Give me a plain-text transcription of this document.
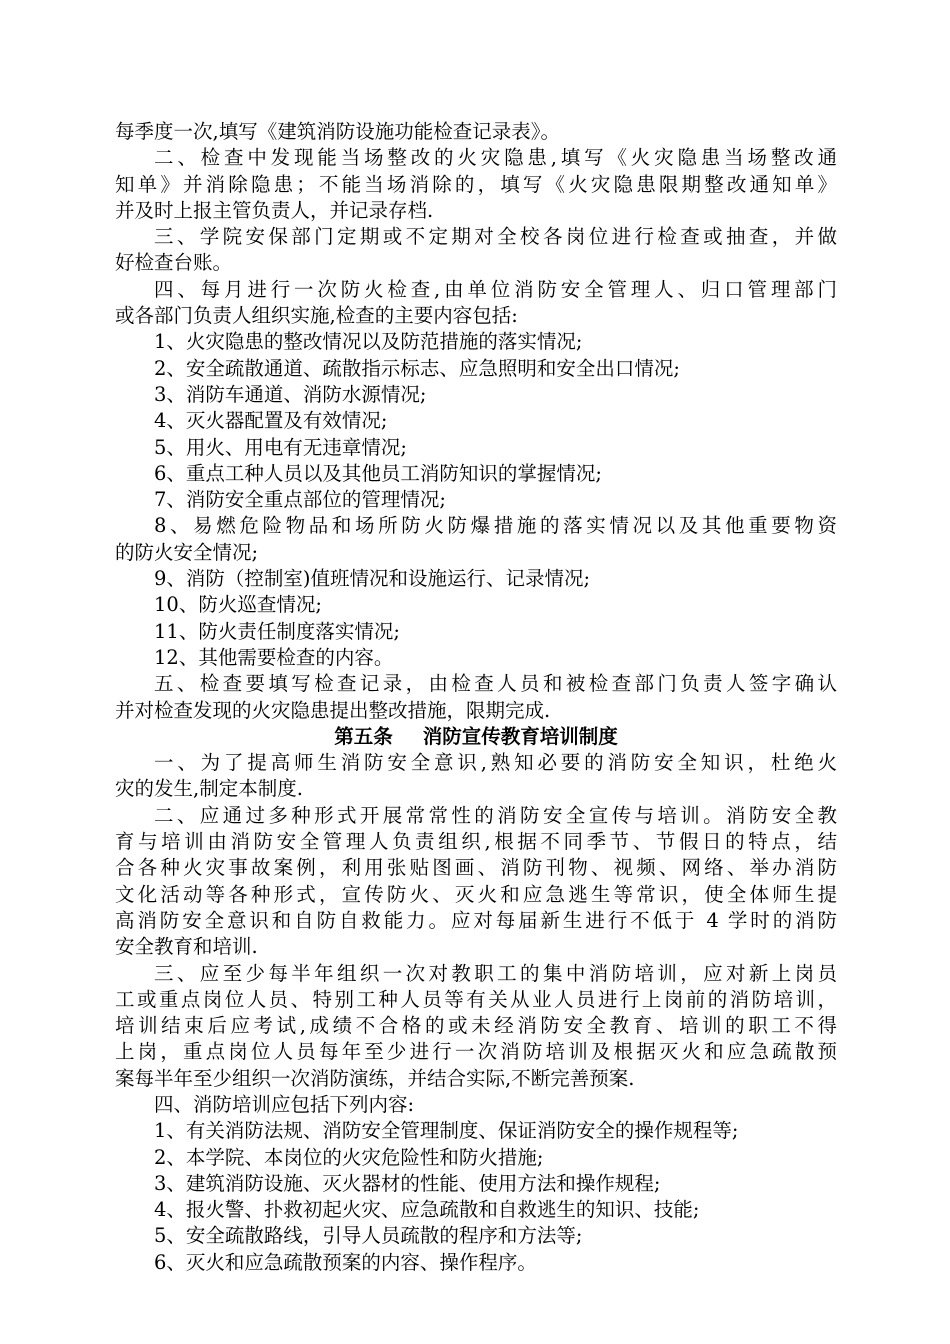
每季度一次,填写《建筑消防设施功能检查记录表》。
二、检查中发现能当场整改的火灾隐患,填写《火灾隐患当场整改通
知单》并消除隐患；不能当场消除的，填写《火灾隐患限期整改通知单》
并及时上报主管负责人，并记录存档.
三、学院安保部门定期或不定期对全校各岗位进行检查或抽查，并做
好检查台账。
四、每月进行一次防火检查,由单位消防安全管理人、归口管理部门
或各部门负责人组织实施,检查的主要内容包括:
1、火灾隐患的整改情况以及防范措施的落实情况;
2、安全疏散通道、疏散指示标志、应急照明和安全出口情况;
3、消防车通道、消防水源情况;
4、灭火器配置及有效情况;
5、用火、用电有无违章情况;
6、重点工种人员以及其他员工消防知识的掌握情况;
7、消防安全重点部位的管理情况;
8、易燃危险物品和场所防火防爆措施的落实情况以及其他重要物资
的防火安全情况;
9、消防（控制室)值班情况和设施运行、记录情况;
10、防火巡查情况;
11、防火责任制度落实情况;
12、其他需要检查的内容。
五、检查要填写检查记录，由检查人员和被检查部门负责人签字确认
并对检查发现的火灾隐患提出整改措施，限期完成.
第五条 消防宣传教育培训制度
一、为了提高师生消防安全意识,熟知必要的消防安全知识，杜绝火
灾的发生,制定本制度.
二、应通过多种形式开展常常性的消防安全宣传与培训。消防安全教
育与培训由消防安全管理人负责组织,根据不同季节、节假日的特点，结
合各种火灾事故案例，利用张贴图画、消防刊物、视频、网络、举办消防
文化活动等各种形式，宣传防火、灭火和应急逃生等常识，使全体师生提
高消防安全意识和自防自救能力。应对每届新生进行不低于 4 学时的消防
安全教育和培训.
三、应至少每半年组织一次对教职工的集中消防培训，应对新上岗员
工或重点岗位人员、特别工种人员等有关从业人员进行上岗前的消防培训，
培训结束后应考试,成绩不合格的或未经消防安全教育、培训的职工不得
上岗，重点岗位人员每年至少进行一次消防培训及根据灭火和应急疏散预
案每半年至少组织一次消防演练，并结合实际,不断完善预案.
四、消防培训应包括下列内容:
1、有关消防法规、消防安全管理制度、保证消防安全的操作规程等;
2、本学院、本岗位的火灾危险性和防火措施;
3、建筑消防设施、灭火器材的性能、使用方法和操作规程;
4、报火警、扑救初起火灾、应急疏散和自救逃生的知识、技能;
5、安全疏散路线，引导人员疏散的程序和方法等;
6、灭火和应急疏散预案的内容、操作程序。
